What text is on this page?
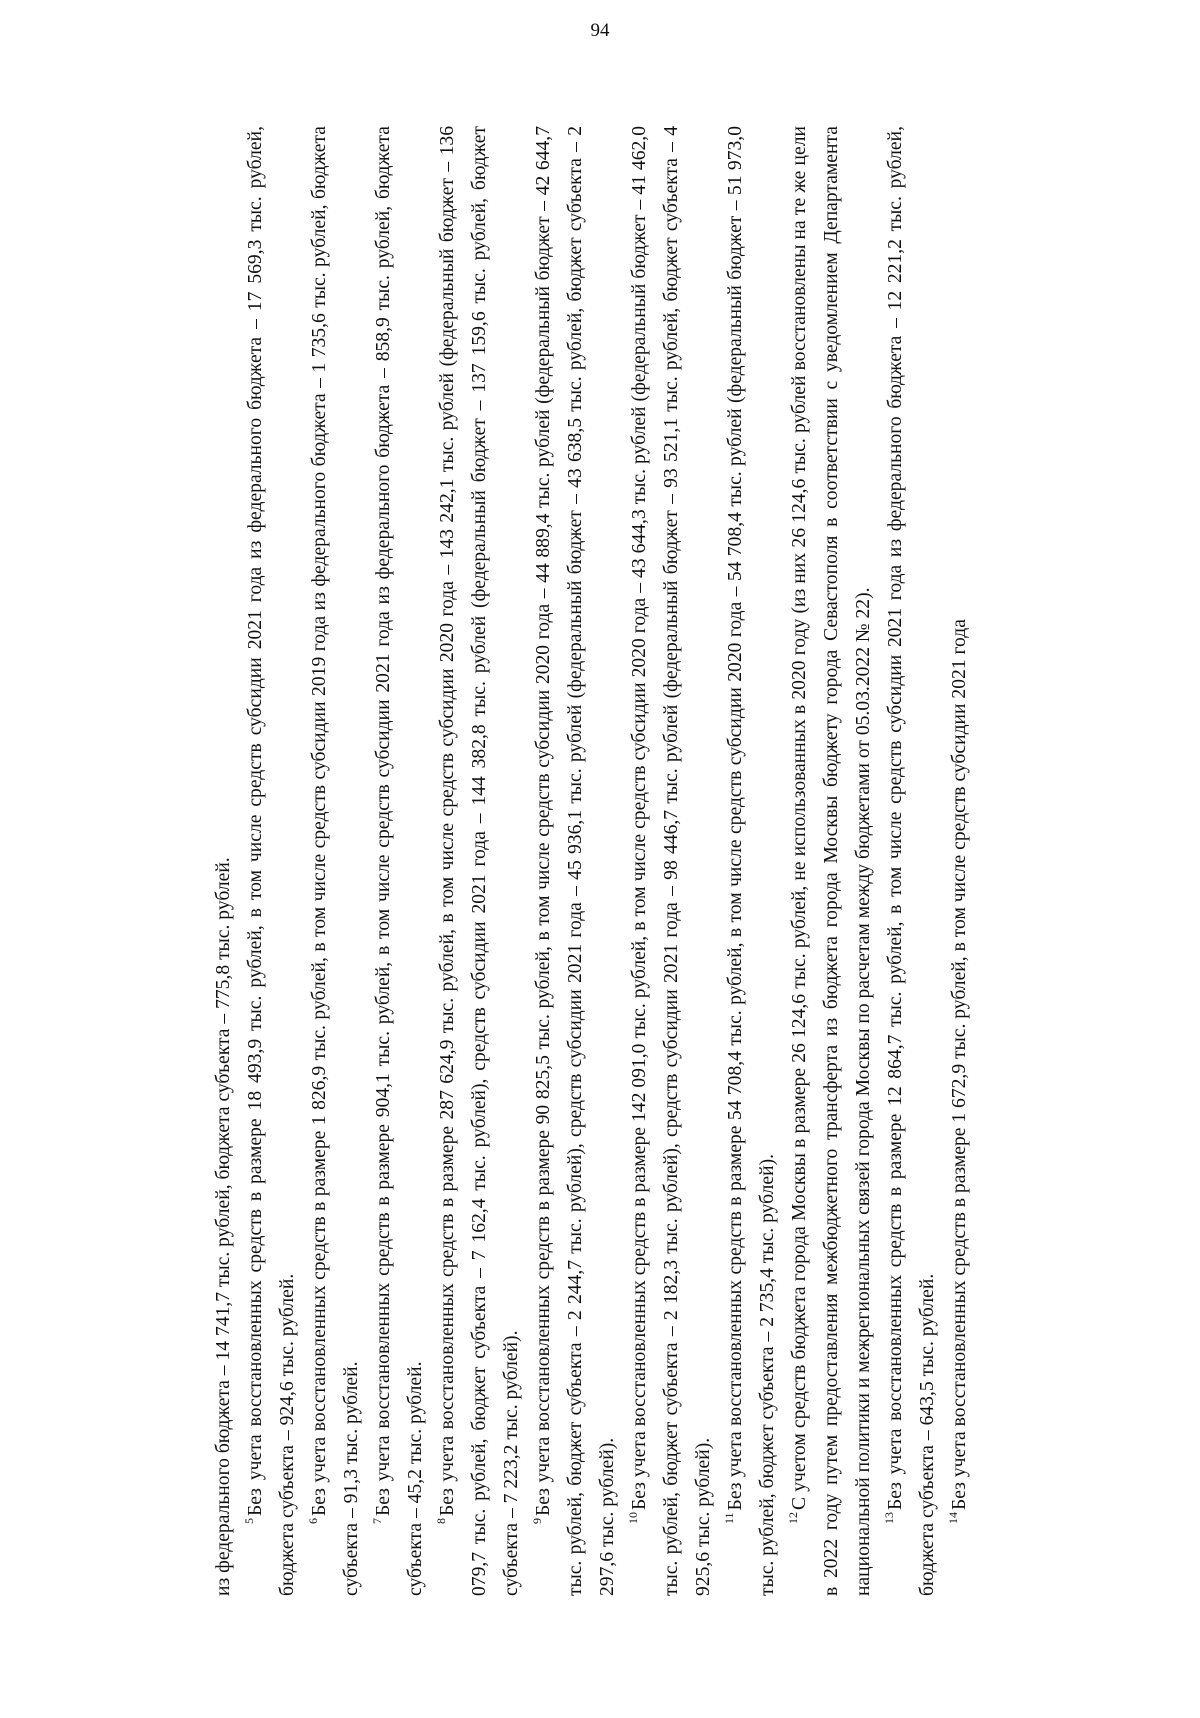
94

из федерального бюджета – 14 741,7 тыс. рублей, бюджета субъекта – 775,8 тыс. рублей. $^5$Без учета восстановленных средств в размере 18 493,9 тыс. рублей, в том числе средств субсидии 2021 года из федерального бюджета – 17 569,3 тыс. рублей, бюджета субъекта – 924,6 тыс. рублей. $^6$Без учета восстановленных средств в размере 1 826,9 тыс. рублей, в том числе средств субсидии 2019 года из федерального бюджета – 1 735,6 тыс. рублей, бюджета субъекта – 91,3 тыс. рублей. $^7$Без учета восстановленных средств в размере 904,1 тыс. рублей, в том числе средств субсидии 2021 года из федерального бюджета – 858,9 тыс. рублей, бюджета субъекта – 45,2 тыс. рублей. $^8$Без учета восстановленных средств в размере 287 624,9 тыс. рублей, в том числе средств субсидии 2020 года – 143 242,1 тыс. рублей (федеральный бюджет – 136 079,7 тыс. рублей, бюджет субъекта – 7 162,4 тыс. рублей), средств субсидии 2021 года – 144 382,8 тыс. рублей (федеральный бюджет – 137 159,6 тыс. рублей, бюджет субъекта – 7 223,2 тыс. рублей). $^9$Без учета восстановленных средств в размере 90 825,5 тыс. рублей, в том числе средств субсидии 2020 года – 44 889,4 тыс. рублей (федеральный бюджет – 42 644,7 тыс. рублей, бюджет субъекта – 2 244,7 тыс. рублей), средств субсидии 2021 года – 45 936,1 тыс. рублей (федеральный бюджет – 43 638,5 тыс. рублей, бюджет субъекта – 2 297,6 тыс. рублей). $^{10}$Без учета восстановленных средств в размере 142 091,0 тыс. рублей, в том числе средств субсидии 2020 года – 43 644,3 тыс. рублей (федеральный бюджет – 41 462,0 тыс. рублей, бюджет субъекта – 2 182,3 тыс. рублей), средств субсидии 2021 года – 98 446,7 тыс. рублей (федеральный бюджет – 93 521,1 тыс. рублей, бюджет субъекта – 4 925,6 тыс. рублей). $^{11}$Без учета восстановленных средств в размере 54 708,4 тыс. рублей, в том числе средств субсидии 2020 года – 54 708,4 тыс. рублей (федеральный бюджет – 51 973,0 тыс. рублей, бюджет субъекта – 2 735,4 тыс. рублей). $^{12}$С учетом средств бюджета города Москвы в размере 26 124,6 тыс. рублей, не использованных в 2020 году (из них 26 124,6 тыс. рублей восстановлены на те же цели в 2022 году путем предоставления межбюджетного трансферта из бюджета города Москвы бюджету города Севастополя в соответствии с уведомлением Департамента национальной политики и межрегиональных связей города Москвы по расчетам между бюджетами от 05.03.2022 № 22). $^{13}$Без учета восстановленных средств в размере 12 864,7 тыс. рублей, в том числе средств субсидии 2021 года из федерального бюджета – 12 221,2 тыс. рублей, бюджета субъекта – 643,5 тыс. рублей. $^{14}$Без учета восстановленных средств в размере 1 672,9 тыс. рублей, в том числе средств субсидии 2021 года
